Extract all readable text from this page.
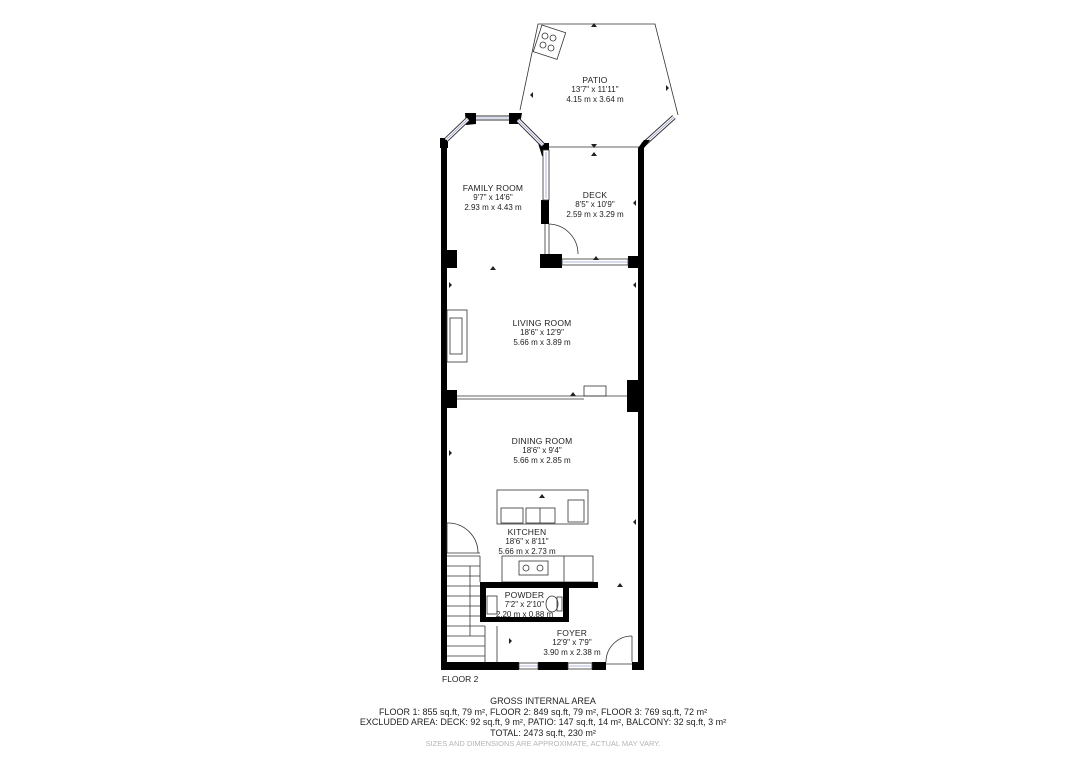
PATIO
13'7" x 11'11"
4.15 m x 3.64 m
FAMILY ROOM
9'7" x 14'6"
2.93 m x 4.43 m
DECK
8'5" x 10'9"
2.59 m x 3.29 m
LIVING ROOM
18'6" x 12'9"
5.66 m x 3.89 m
DINING ROOM
18'6" x 9'4"
5.66 m x 2.85 m
KITCHEN
18'6" x 8'11"
5.66 m x 2.73 m
POWDER
7'2" x 2'10"
2.20 m x 0.88 m
FOYER
12'9" x 7'9"
3.90 m x 2.38 m
FLOOR 2
GROSS INTERNAL AREA
FLOOR 1: 855 sq.ft, 79 m², FLOOR 2: 849 sq.ft, 79 m², FLOOR 3: 769 sq.ft, 72 m²
EXCLUDED AREA: DECK: 92 sq.ft, 9 m², PATIO: 147 sq.ft, 14 m², BALCONY: 32 sq.ft, 3 m²
TOTAL: 2473 sq.ft, 230 m²
SIZES AND DIMENSIONS ARE APPROXIMATE, ACTUAL MAY VARY.
